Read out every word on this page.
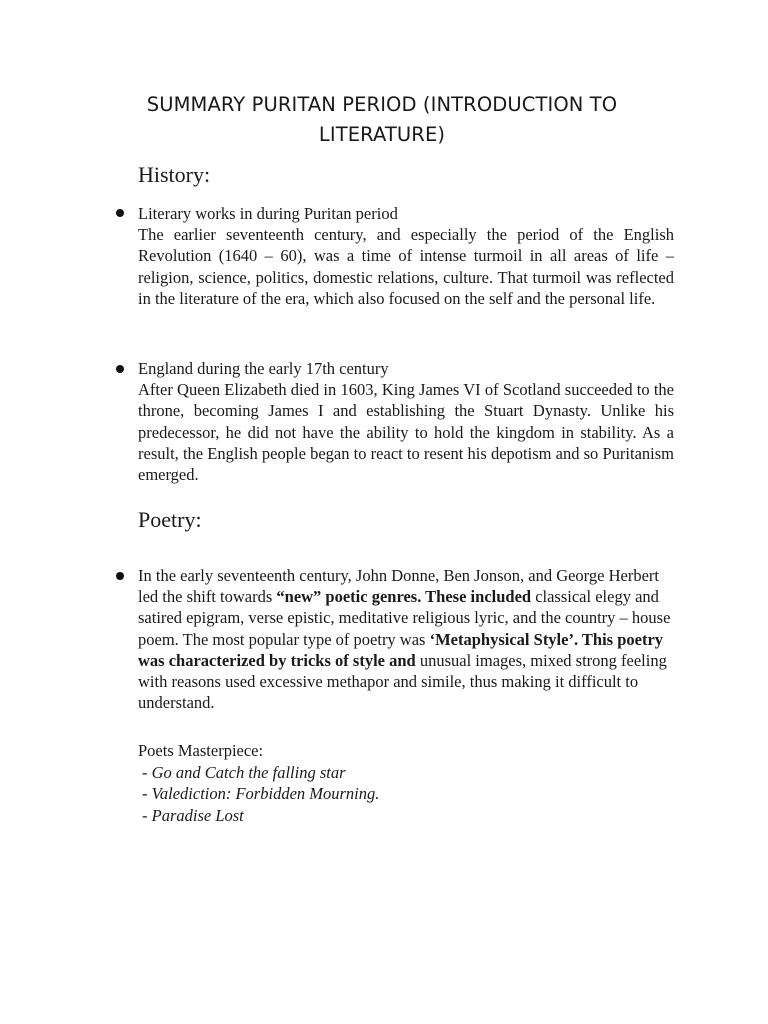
SUMMARY PURITAN PERIOD (INTRODUCTION TO
LITERATURE)
History:
Literary works in during Puritan period
The earlier seventeenth century, and especially the period of the English Revolution (1640 – 60), was a time of intense turmoil in all areas of life – religion, science, politics, domestic relations, culture. That turmoil was reflected in the literature of the era, which also focused on the self and the personal life.
England during the early 17th century
After Queen Elizabeth died in 1603, King James VI of Scotland succeeded to the throne, becoming James I and establishing the Stuart Dynasty. Unlike his predecessor, he did not have the ability to hold the kingdom in stability. As a result, the English people began to react to resent his depotism and so Puritanism emerged.
Poetry:
In the early seventeenth century, John Donne, Ben Jonson, and George Herbert led the shift towards “new” poetic genres. These included classical elegy and satired epigram, verse epistic, meditative religious lyric, and the country – house poem. The most popular type of poetry was ‘Metaphysical Style’. This poetry was characterized by tricks of style and unusual images, mixed strong feeling with reasons used excessive methapor and simile, thus making it difficult to understand.
Poets Masterpiece:
- Go and Catch the falling star
- Valediction: Forbidden Mourning.
- Paradise Lost
